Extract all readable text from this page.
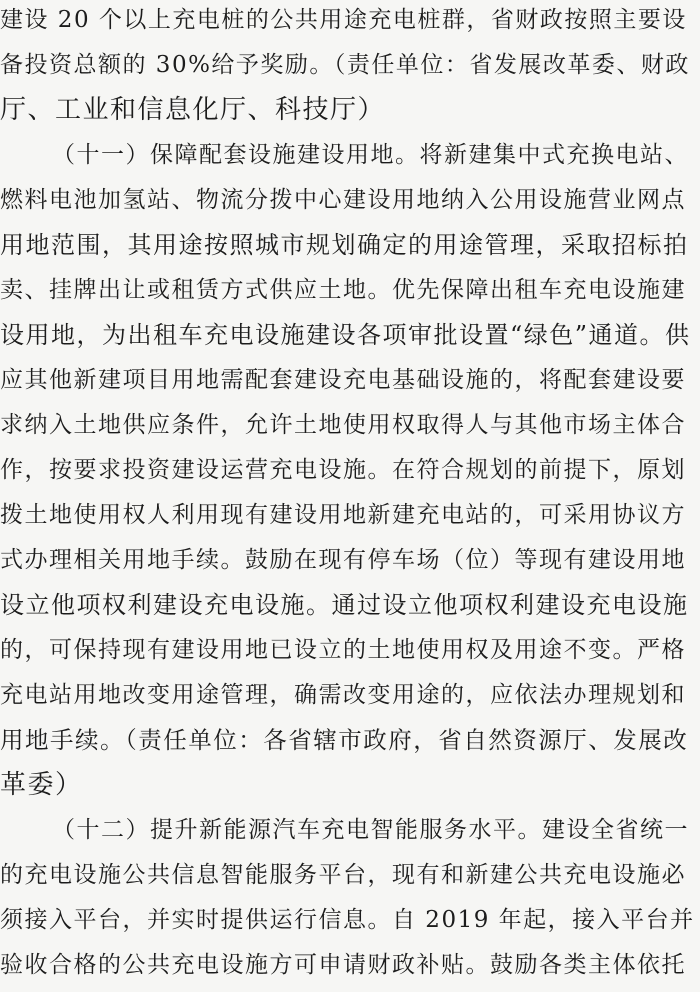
建设 20 个以上充电桩的公共用途充电桩群，省财政按照主要设
备投资总额的 30%给予奖励。（责任单位：省发展改革委、财政
厅、工业和信息化厅、科技厅）
（十一）保障配套设施建设用地。将新建集中式充换电站、
燃料电池加氢站、物流分拨中心建设用地纳入公用设施营业网点
用地范围，其用途按照城市规划确定的用途管理，采取招标拍
卖、挂牌出让或租赁方式供应土地。优先保障出租车充电设施建
设用地，为出租车充电设施建设各项审批设置“绿色”通道。供
应其他新建项目用地需配套建设充电基础设施的，将配套建设要
求纳入土地供应条件，允许土地使用权取得人与其他市场主体合
作，按要求投资建设运营充电设施。在符合规划的前提下，原划
拨土地使用权人利用现有建设用地新建充电站的，可采用协议方
式办理相关用地手续。鼓励在现有停车场（位）等现有建设用地
设立他项权利建设充电设施。通过设立他项权利建设充电设施
的，可保持现有建设用地已设立的土地使用权及用途不变。严格
充电站用地改变用途管理，确需改变用途的，应依法办理规划和
用地手续。（责任单位：各省辖市政府，省自然资源厅、发展改
革委）
（十二）提升新能源汽车充电智能服务水平。建设全省统一
的充电设施公共信息智能服务平台，现有和新建公共充电设施必
须接入平台，并实时提供运行信息。自 2019 年起，接入平台并
验收合格的公共充电设施方可申请财政补贴。鼓励各类主体依托
